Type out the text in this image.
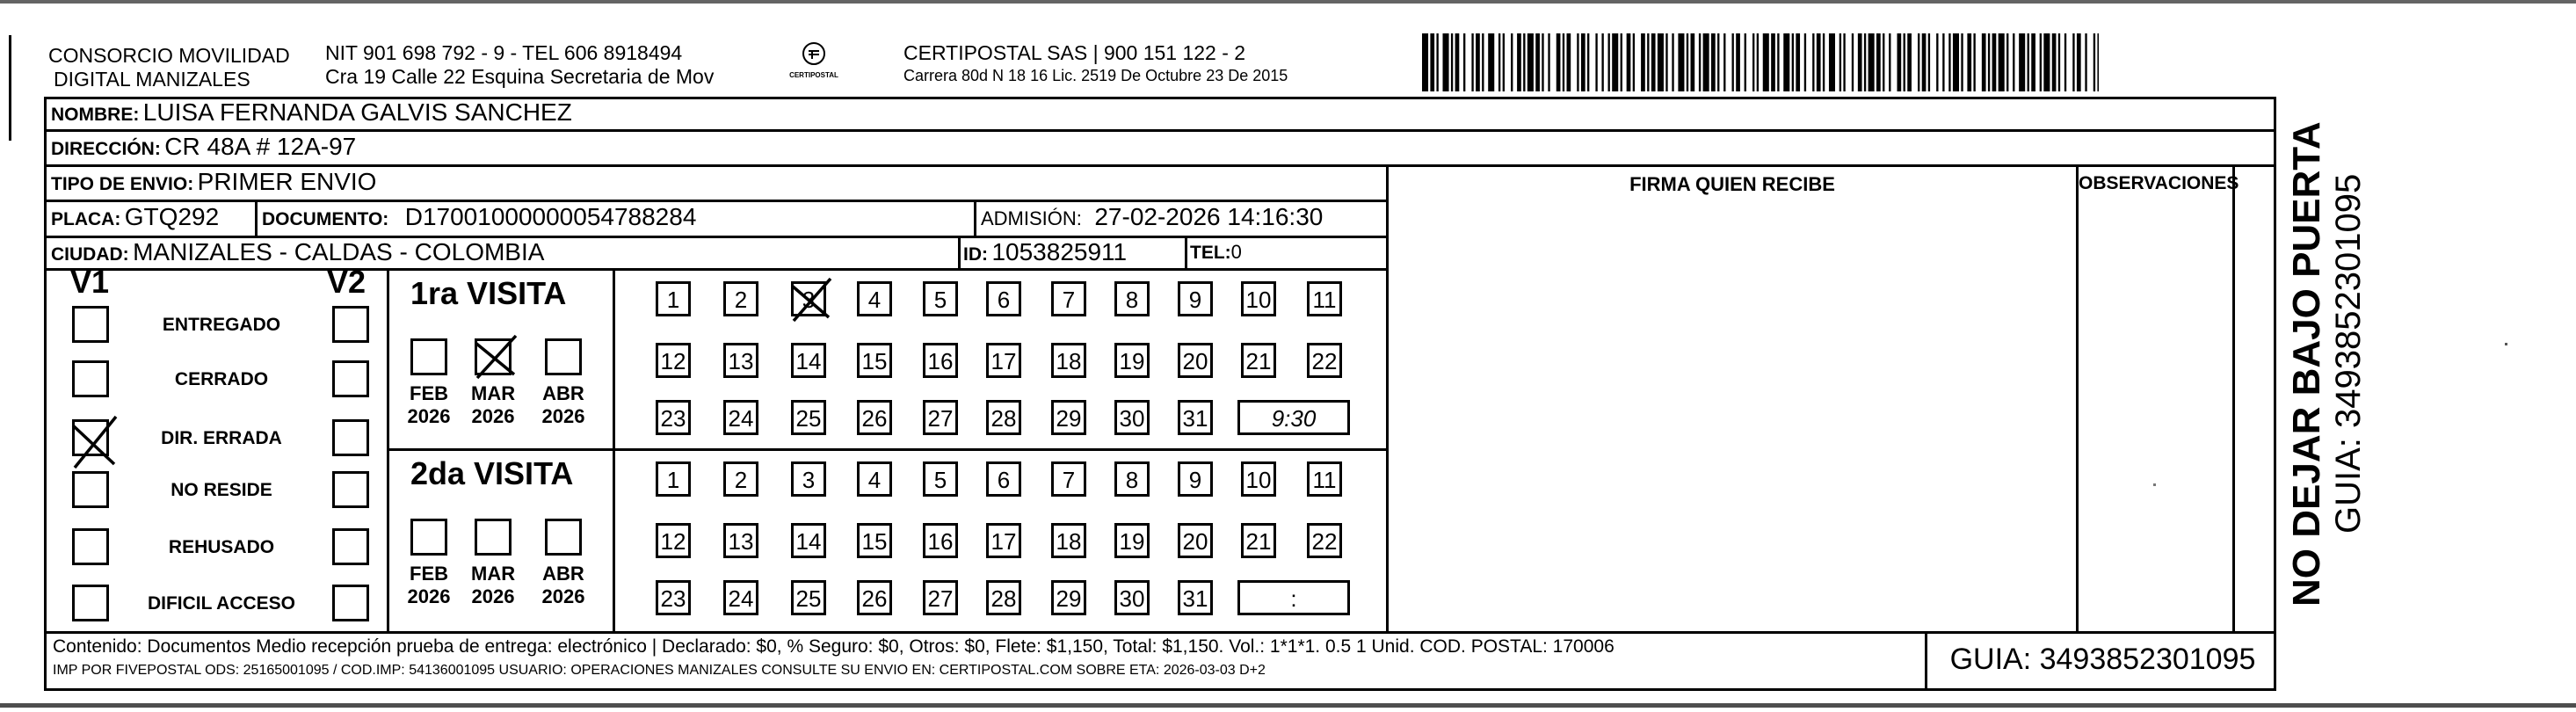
CONSORCIO MOVILIDAD
DIGITAL MANIZALES
NIT 901 698 792 - 9 - TEL 606 8918494
Cra 19 Calle 22 Esquina Secretaria de Mov	CERTIPOSTAL
CERTIPOSTAL SAS | 900 151 122 - 2
Carrera 80d N 18 16 Lic. 2519 De Octubre 23 De 2015
NOMBRE: LUISA FERNANDA GALVIS SANCHEZ
DIRECCIÓN: CR 48A # 12A-97
TIPO DE ENVIO: PRIMER ENVIO	FIRMA QUIEN RECIBE	OBSERVACIONES
PLACA: GTQ292 DOCUMENTO: D17001000000054788284	ADMISIÓN: 27-02-2026 14:16:30
CIUDAD: MANIZALES - CALDAS - COLOMBIA	ID: 1053825911	TEL:0
V1	V2
ENTREGADO
CERRADO
DIR. ERRADA
NO RESIDE
REHUSADO
DIFICIL ACCESO
1ra VISITA
FEB
2026
MAR
2026
ABR
2026
1	2	3	4	5	6	7	8	9	10 11
12 13 14 15 16 17 18 19 20 21 22
23 24 25 26 27 28 29 30 31	9:30
2da VISITA
FEB
2026
MAR
2026
ABR
2026
1	2	3	4	5	6	7	8	9	10 11
12 13 14 15 16 17 18 19 20 21 22
23 24 25 26 27 28 29 30 31	:
Contenido: Documentos Medio recepción prueba de entrega: electrónico | Declarado: $0, % Seguro: $0, Otros: $0, Flete: $1,150, Total: $1,150. Vol.: 1*1*1. 0.5 1 Unid. COD. POSTAL: 170006
IMP POR FIVEPOSTAL ODS: 25165001095 / COD.IMP: 54136001095 USUARIO: OPERACIONES MANIZALES CONSULTE SU ENVIO EN: CERTIPOSTAL.COM SOBRE ETA: 2026-03-03 D+2	GUIA: 3493852301095
NO DEJAR BAJO PUERTA GUIA: 3493852301095
